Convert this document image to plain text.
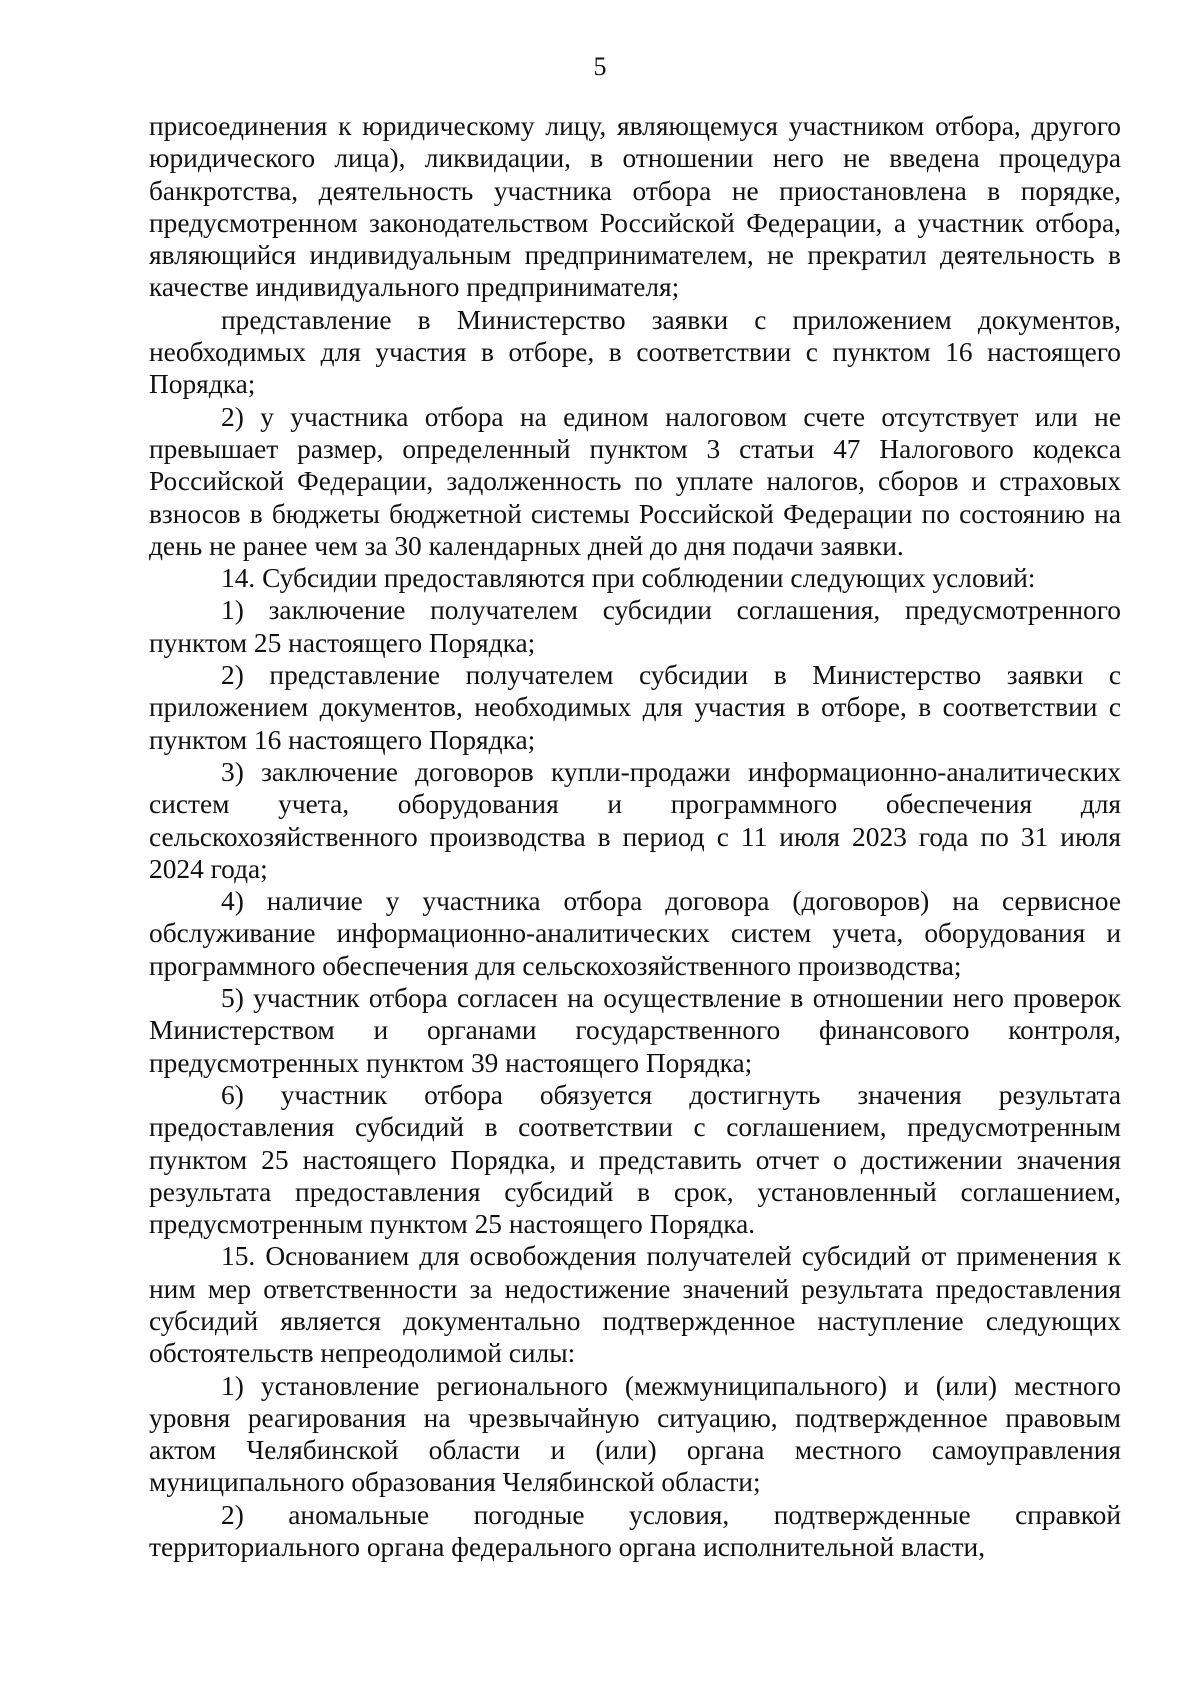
5

присоединения к юридическому лицу, являющемуся участником отбора, другого юридического лица), ликвидации, в отношении него не введена процедура банкротства, деятельность участника отбора не приостановлена в порядке, предусмотренном законодательством Российской Федерации, а участник отбора, являющийся индивидуальным предпринимателем, не прекратил деятельность в качестве индивидуального предпринимателя;

представление в Министерство заявки с приложением документов, необходимых для участия в отборе, в соответствии с пунктом 16 настоящего Порядка;

2) у участника отбора на едином налоговом счете отсутствует или не превышает размер, определенный пунктом 3 статьи 47 Налогового кодекса Российской Федерации, задолженность по уплате налогов, сборов и страховых взносов в бюджеты бюджетной системы Российской Федерации по состоянию на день не ранее чем за 30 календарных дней до дня подачи заявки.

14. Субсидии предоставляются при соблюдении следующих условий:

1) заключение получателем субсидии соглашения, предусмотренного пунктом 25 настоящего Порядка;

2) представление получателем субсидии в Министерство заявки с приложением документов, необходимых для участия в отборе, в соответствии с пунктом 16 настоящего Порядка;

3) заключение договоров купли-продажи информационно-аналитических систем учета, оборудования и программного обеспечения для сельскохозяйственного производства в период с 11 июля 2023 года по 31 июля 2024 года;

4) наличие у участника отбора договора (договоров) на сервисное обслуживание информационно-аналитических систем учета, оборудования и программного обеспечения для сельскохозяйственного производства;

5) участник отбора согласен на осуществление в отношении него проверок Министерством и органами государственного финансового контроля, предусмотренных пунктом 39 настоящего Порядка;

6) участник отбора обязуется достигнуть значения результата предоставления субсидий в соответствии с соглашением, предусмотренным пунктом 25 настоящего Порядка, и представить отчет о достижении значения результата предоставления субсидий в срок, установленный соглашением, предусмотренным пунктом 25 настоящего Порядка.

15. Основанием для освобождения получателей субсидий от применения к ним мер ответственности за недостижение значений результата предоставления субсидий является документально подтвержденное наступление следующих обстоятельств непреодолимой силы:

1) установление регионального (межмуниципального) и (или) местного уровня реагирования на чрезвычайную ситуацию, подтвержденное правовым актом Челябинской области и (или) органа местного самоуправления муниципального образования Челябинской области;

2) аномальные погодные условия, подтвержденные справкой территориального органа федерального органа исполнительной власти,
